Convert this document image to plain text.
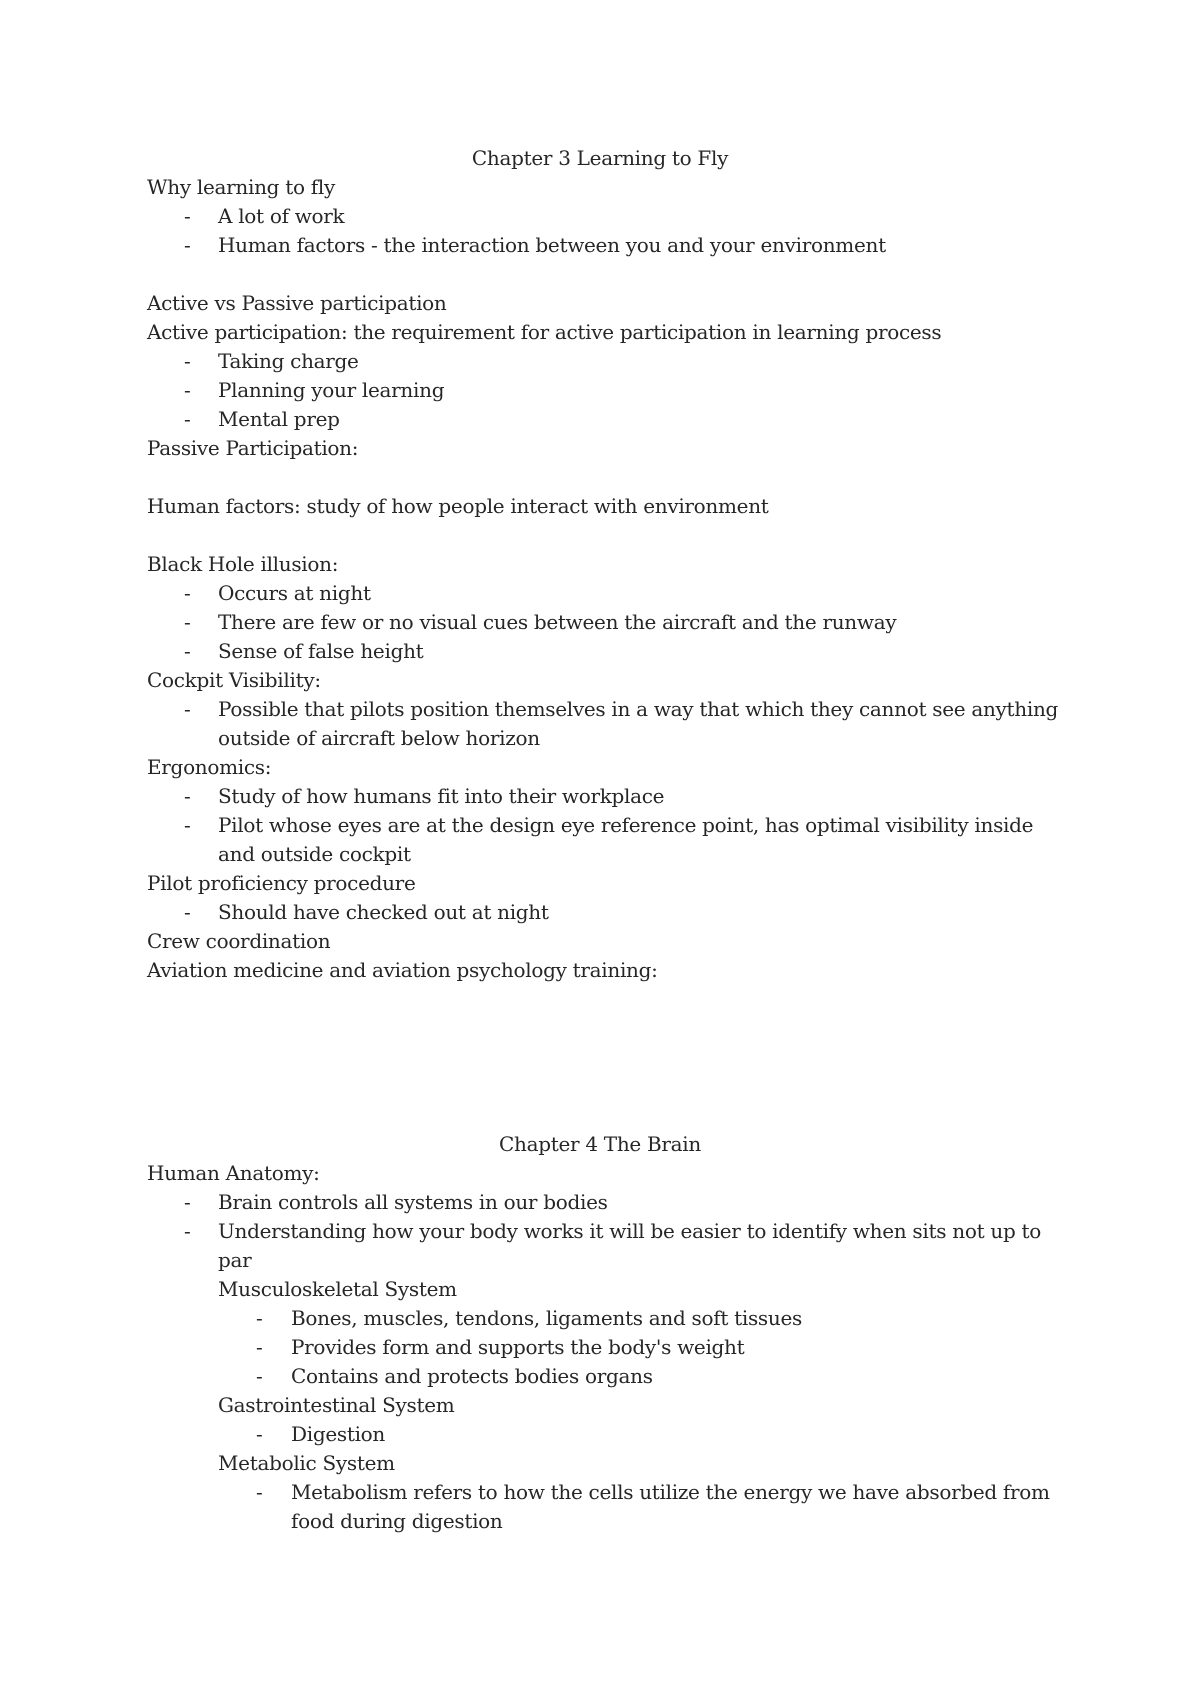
Chapter 3 Learning to Fly
Why learning to fly
- A lot of work
- Human factors - the interaction between you and your environment
Active vs Passive participation
Active participation: the requirement for active participation in learning process
- Taking charge
- Planning your learning
- Mental prep
Passive Participation:
Human factors: study of how people interact with environment
Black Hole illusion:
- Occurs at night
- There are few or no visual cues between the aircraft and the runway
- Sense of false height
Cockpit Visibility:
- Possible that pilots position themselves in a way that which they cannot see anything
outside of aircraft below horizon
Ergonomics:
- Study of how humans fit into their workplace
- Pilot whose eyes are at the design eye reference point, has optimal visibility inside
and outside cockpit
Pilot proficiency procedure
- Should have checked out at night
Crew coordination
Aviation medicine and aviation psychology training:
Chapter 4 The Brain
Human Anatomy:
- Brain controls all systems in our bodies
- Understanding how your body works it will be easier to identify when sits not up to
par
Musculoskeletal System
- Bones, muscles, tendons, ligaments and soft tissues
- Provides form and supports the body's weight
- Contains and protects bodies organs
Gastrointestinal System
- Digestion
Metabolic System
- Metabolism refers to how the cells utilize the energy we have absorbed from
food during digestion
